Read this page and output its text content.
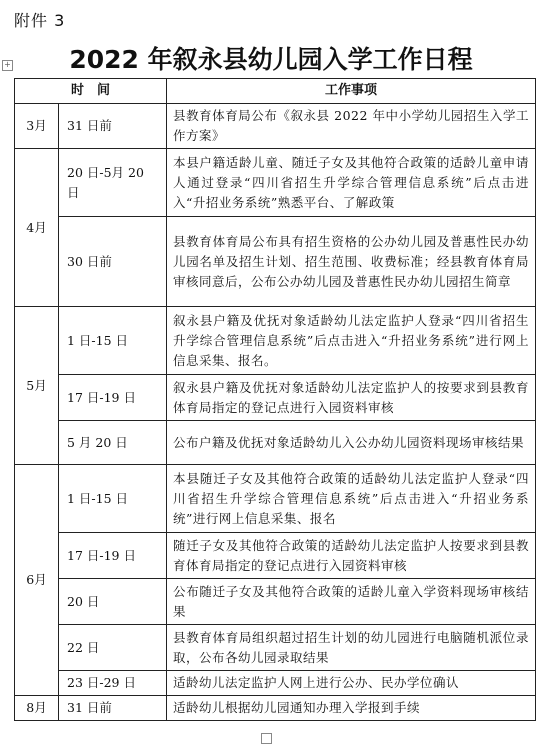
附件 3
+	2022 年叙永县幼儿园入学工作日程
时　间		工作事项
3月	31 日前	县教育体育局公布《叙永县 2022 年中小学幼儿园招生入学工作方案》
4月	20 日-5月 20 日	本县户籍适龄儿童、随迁子女及其他符合政策的适龄儿童申请人通过登录“四川省招生升学综合管理信息系统”后点击进入“升招业务系统”熟悉平台、了解政策
	30 日前	县教育体育局公布具有招生资格的公办幼儿园及普惠性民办幼儿园名单及招生计划、招生范围、收费标准；经县教育体育局审核同意后，公布公办幼儿园及普惠性民办幼儿园招生简章
5月	1 日-15 日	叙永县户籍及优抚对象适龄幼儿法定监护人登录“四川省招生升学综合管理信息系统”后点击进入“升招业务系统”进行网上信息采集、报名。
	17 日-19 日	叙永县户籍及优抚对象适龄幼儿法定监护人的按要求到县教育体育局指定的登记点进行入园资料审核
	5 月 20 日	公布户籍及优抚对象适龄幼儿入公办幼儿园资料现场审核结果
6月	1 日-15 日	本县随迁子女及其他符合政策的适龄幼儿法定监护人登录“四川省招生升学综合管理信息系统”后点击进入“升招业务系统”进行网上信息采集、报名
	17 日-19 日	随迁子女及其他符合政策的适龄幼儿法定监护人按要求到县教育体育局指定的登记点进行入园资料审核
	20 日	公布随迁子女及其他符合政策的适龄儿童入学资料现场审核结果
	22 日	县教育体育局组织超过招生计划的幼儿园进行电脑随机派位录取，公布各幼儿园录取结果
	23 日-29 日	适龄幼儿法定监护人网上进行公办、民办学位确认
8月	31 日前	适龄幼儿根据幼儿园通知办理入学报到手续
